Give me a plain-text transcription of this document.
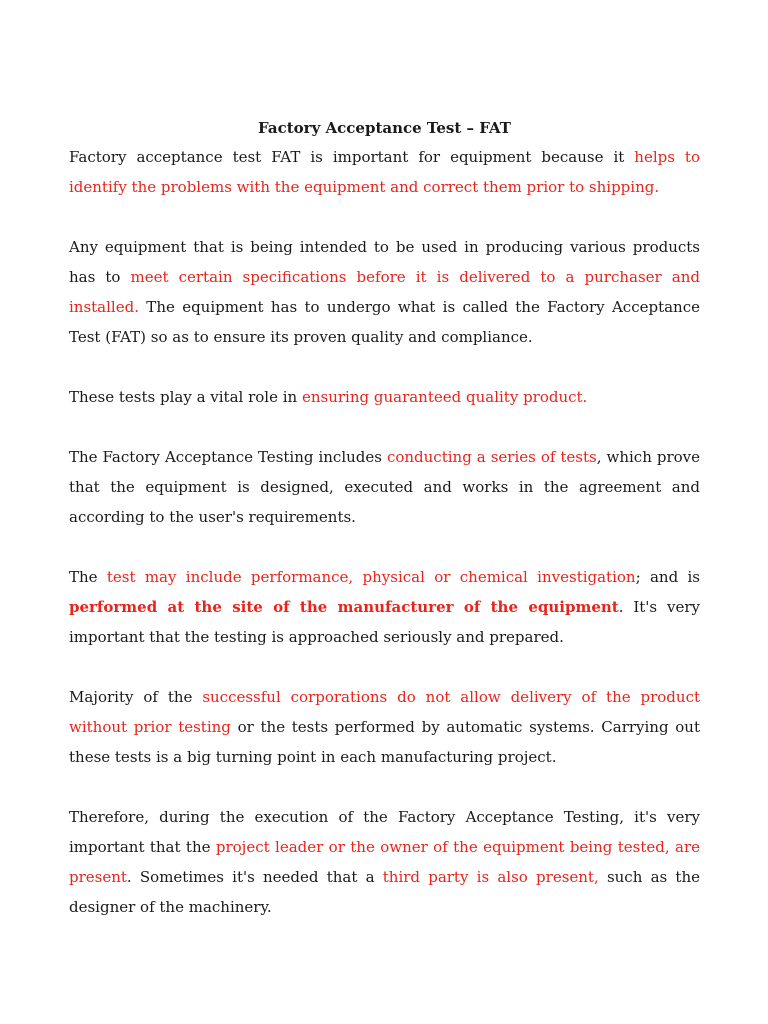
Factory Acceptance Test – FAT

Factory acceptance test FAT is important for equipment because it helps to identify the problems with the equipment and correct them prior to shipping.

Any equipment that is being intended to be used in producing various products has to meet certain specifications before it is delivered to a purchaser and installed. The equipment has to undergo what is called the Factory Acceptance Test (FAT) so as to ensure its proven quality and compliance.

These tests play a vital role in ensuring guaranteed quality product.

The Factory Acceptance Testing includes conducting a series of tests, which prove that the equipment is designed, executed and works in the agreement and according to the user's requirements.

The test may include performance, physical or chemical investigation; and is performed at the site of the manufacturer of the equipment. It's very important that the testing is approached seriously and prepared.

Majority of the successful corporations do not allow delivery of the product without prior testing or the tests performed by automatic systems. Carrying out these tests is a big turning point in each manufacturing project.

Therefore, during the execution of the Factory Acceptance Testing, it's very important that the project leader or the owner of the equipment being tested, are present. Sometimes it's needed that a third party is also present, such as the designer of the machinery.
